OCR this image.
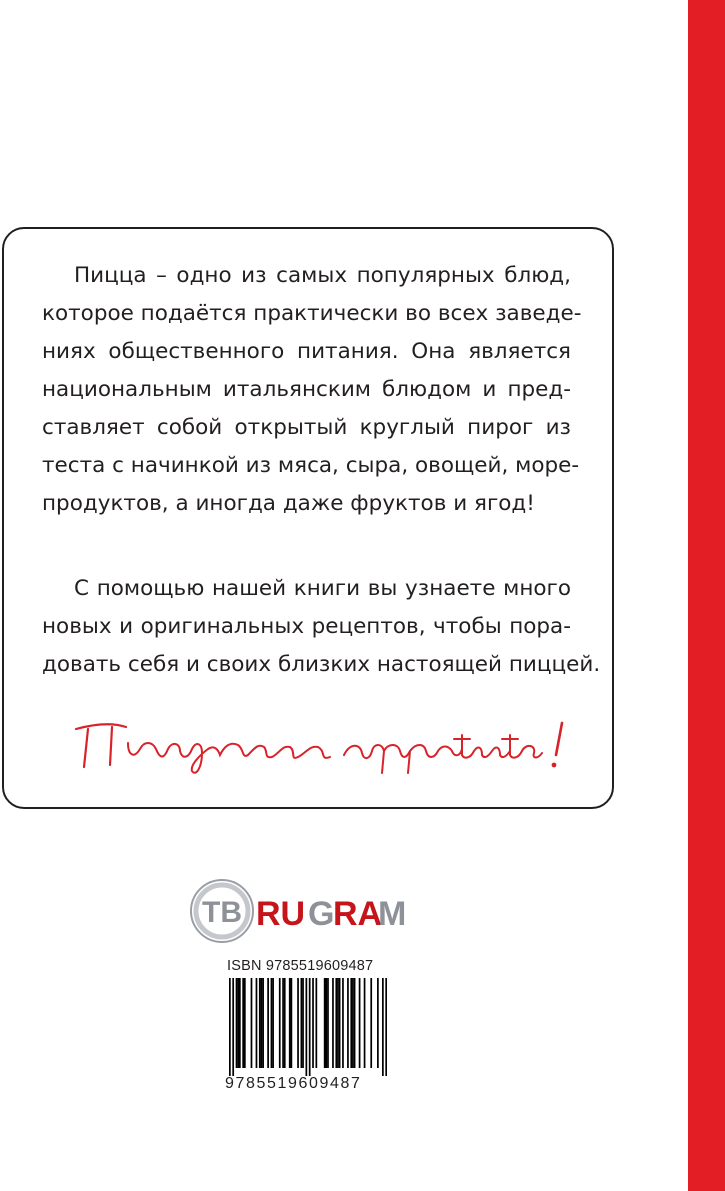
Пицца – одно из самых популярных блюд,
которое подаётся практически во всех заведе-
ниях общественного питания. Она является
национальным итальянским блюдом и пред-
ставляет собой открытый круглый пирог из
теста с начинкой из мяса, сыра, овощей, море-
продуктов, а иногда даже фруктов и ягод!
С помощью нашей книги вы узнаете много
новых и оригинальных рецептов, чтобы пора-
довать себя и своих близких настоящей пиццей.
ТВ RU G
RA
M
ISBN 9785519609487
9785519609487
